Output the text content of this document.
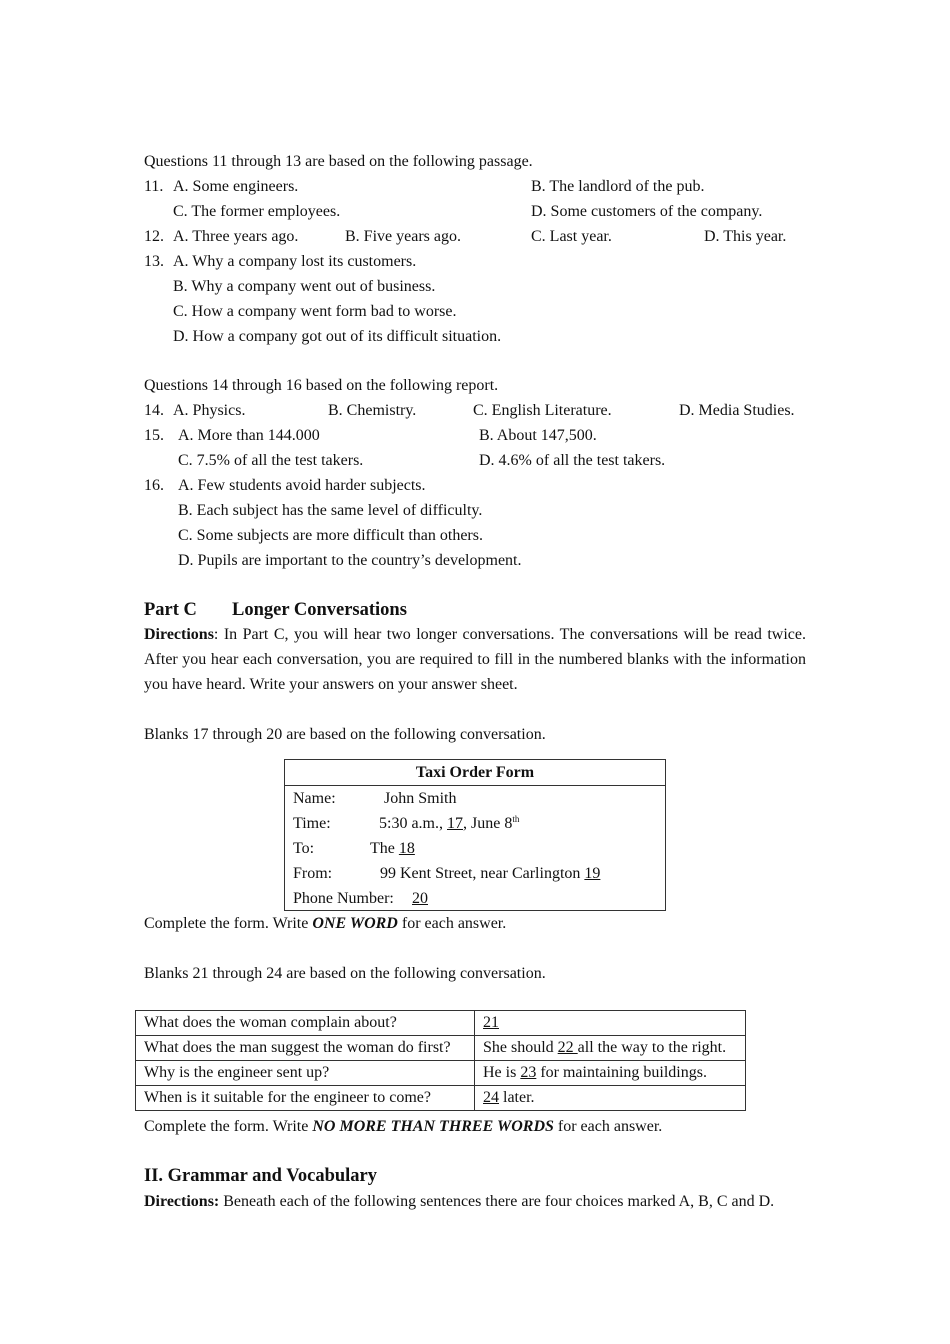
Questions 11 through 13 are based on the following passage.
11. A. Some engineers.	B. The landlord of the pub.
C. The former employees.	D. Some customers of the company.
12. A. Three years ago.	B. Five years ago.	C. Last year.	D. This year.
13. A. Why a company lost its customers.
B. Why a company went out of business.
C. How a company went form bad to worse.
D. How a company got out of its difficult situation.
Questions 14 through 16 based on the following report.
14. A. Physics.	B. Chemistry.	C. English Literature.	D. Media Studies.
15. A. More than 144.000	B. About 147,500.
C. 7.5% of all the test takers.	D. 4.6% of all the test takers.
16. A. Few students avoid harder subjects.
B. Each subject has the same level of difficulty.
C. Some subjects are more difficult than others.
D. Pupils are important to the country’s development.
Part C Longer Conversations
Directions: In Part C, you will hear two longer conversations. The conversations will be read twice. After you hear each conversation, you are required to fill in the numbered blanks with the information you have heard. Write your answers on your answer sheet.
Blanks 17 through 20 are based on the following conversation.
Taxi Order Form
Name:	John Smith
Time:	5:30 a.m., 17, June 8th
To:	The 18
From:	99 Kent Street, near Carlington 19
Phone Number: 20
Complete the form. Write ONE WORD for each answer.
Blanks 21 through 24 are based on the following conversation.
What does the woman complain about?	21
What does the man suggest the woman do first?	She should 22 all the way to the right.
Why is the engineer sent up?	He is 23 for maintaining buildings.
When is it suitable for the engineer to come?	24 later.
Complete the form. Write NO MORE THAN THREE WORDS for each answer.
II. Grammar and Vocabulary
Directions: Beneath each of the following sentences there are four choices marked A, B, C and D.
